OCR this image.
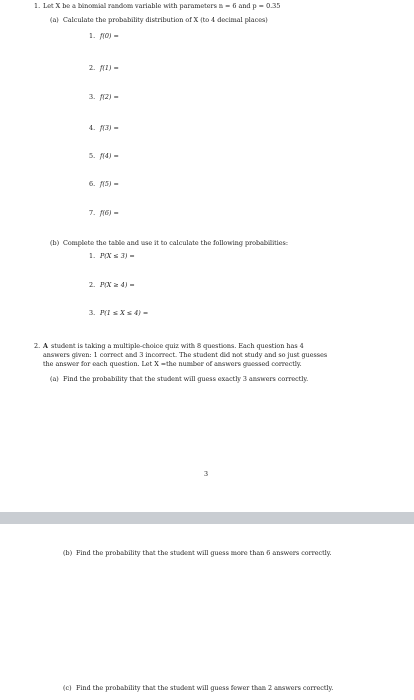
1. Let X be a binomial random variable with parameters n = 6 and p = 0.35
(a) Calculate the probability distribution of X (to 4 decimal places)
1. f(0) =
2. f(1) =
3. f(2) =
4. f(3) =
5. f(4) =
6. f(5) =
7. f(6) =
(b) Complete the table and use it to calculate the following probabilities:
1. P(X ≤ 3) =
2. P(X ≥ 4) =
3. P(1 ≤ X ≤ 4) =
2. A student is taking a multiple-choice quiz with 8 questions. Each question has 4
answers given: 1 correct and 3 incorrect. The student did not study and so just guesses
the answer for each question. Let X =the number of answers guessed correctly.
(a) Find the probability that the student will guess exactly 3 answers correctly.
3
(b) Find the probability that the student will guess more than 6 answers correctly.
(c) Find the probability that the student will guess fewer than 2 answers correctly.
